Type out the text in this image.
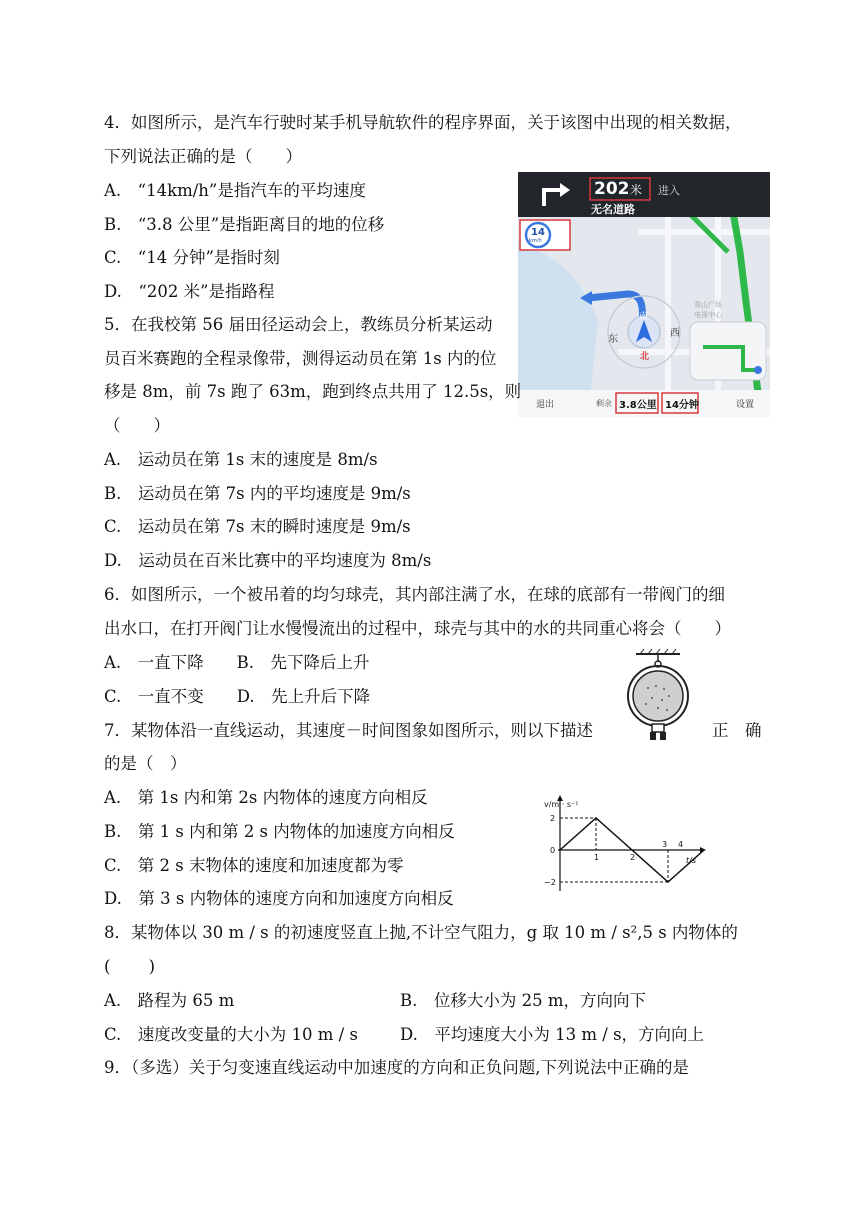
4．如图所示，是汽车行驶时某手机导航软件的程序界面，关于该图中出现的相关数据，
下列说法正确的是（　　）
A.　“14km/h”是指汽车的平均速度
B.　“3.8 公里”是指距离目的地的位移
C.　“14 分钟”是指时刻
D.　“202 米”是指路程
202 米 进入
无名道路
14
km/h
南
东
西
北
青山广场
电视中心
退出	剩余 3.8公里 14分钟	设置
5．在我校第 56 届田径运动会上，教练员分析某运动
员百米赛跑的全程录像带，测得运动员在第 1s 内的位
移是 8m，前 7s 跑了 63m，跑到终点共用了 12.5s，则
（　　）
A.　运动员在第 1s 末的速度是 8m/s
B.　运动员在第 7s 内的平均速度是 9m/s
C.　运动员在第 7s 末的瞬时速度是 9m/s
D.　运动员在百米比赛中的平均速度为 8m/s
6．如图所示，一个被吊着的均匀球壳，其内部注满了水，在球的底部有一带阀门的细
出水口，在打开阀门让水慢慢流出的过程中，球壳与其中的水的共同重心将会（　　）
A.　一直下降　　B.　先下降后上升
C.　一直不变　　D.　先上升后下降
7．某物体沿一直线运动，其速度－时间图象如图所示，则以下描述	正　确
的是（　）
A.　第 1s 内和第 2s 内物体的速度方向相反
B.　第 1 s 内和第 2 s 内物体的加速度方向相反
C.　第 2 s 末物体的速度和加速度都为零
D.　第 3 s 内物体的速度方向和加速度方向相反
v/m · s⁻¹
t/s
2
0
−2
1	2
3 4
8．某物体以 30 m / s 的初速度竖直上抛,不计空气阻力，g 取 10 m / s²,5 s 内物体的
(　　 )
A.　路程为 65 m	B.　位移大小为 25 m，方向向下
C.　速度改变量的大小为 10 m / s	D.　平均速度大小为 13 m / s，方向向上
9．（多选）关于匀变速直线运动中加速度的方向和正负问题,下列说法中正确的是
